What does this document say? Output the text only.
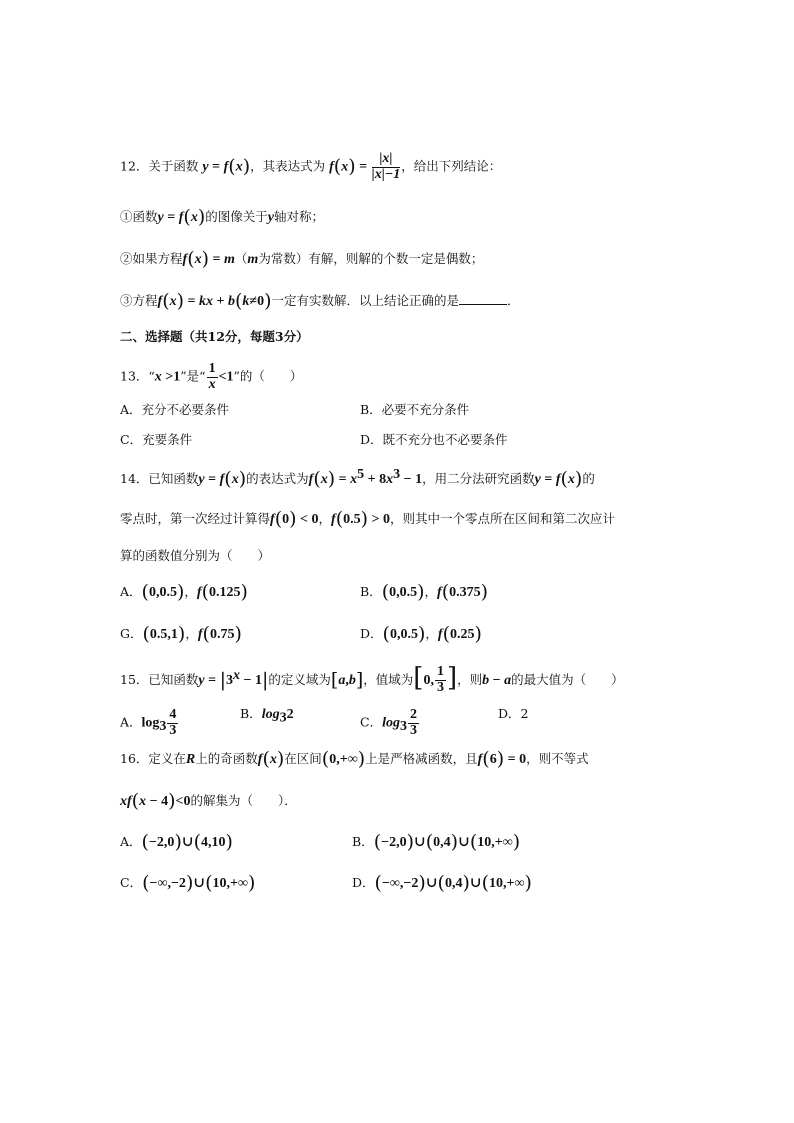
12．关于函数 y = f(x)，其表达式为 $f(x) = \frac{|x|}{|x|-1}$ ，给出下列结论：
①函数y = f(x)的图像关于y轴对称；
②如果方程f(x) = m（m为常数）有解，则解的个数一定是偶数；
③方程f(x) = kx + b(k≠0)一定有实数解．以上结论正确的是	．
二、选择题（共12分，每题3分）
13．“x >1”是“ $\frac{1}{x} <1$”的（　　）
A．充分不必要条件	B．必要不充分条件
C．充要条件	D．既不充分也不必要条件
14．已知函数y = f(x)的表达式为$f(x) = x^5 + 8x^3 - 1$，用二分法研究函数y = f(x)的
零点时，第一次经过计算得f(0) < 0，f(0.5) > 0，则其中一个零点所在区间和第二次应计
算的函数值分别为（　　）
A．(0,0.5)，f(0.125)	B．(0,0.5)，f(0.375)
G．(0.5,1)，f(0.75)	D．(0,0.5)，f(0.25)
15．已知函数$y = |3^x - 1|$的定义域为[a,b]，值域为[0, $\frac{1}{3}$ ]，则b − a的最大值为（　　）
A．$\log_3 \frac{4}{3}$	B．$\log_32$
C．$\log_3 \frac{2}{3}$	D．2
16．定义在R上的奇函数f(x)在区间(0,+∞)上是严格减函数，且f(6) = 0，则不等式
xf(x − 4)<0的解集为（　　）．
A．(−2,0)∪(4,10)	B．(−2,0)∪(0,4)∪(10,+∞)
C．(−∞,−2)∪(10,+∞)	D．(−∞,−2)∪(0,4)∪(10,+∞)
